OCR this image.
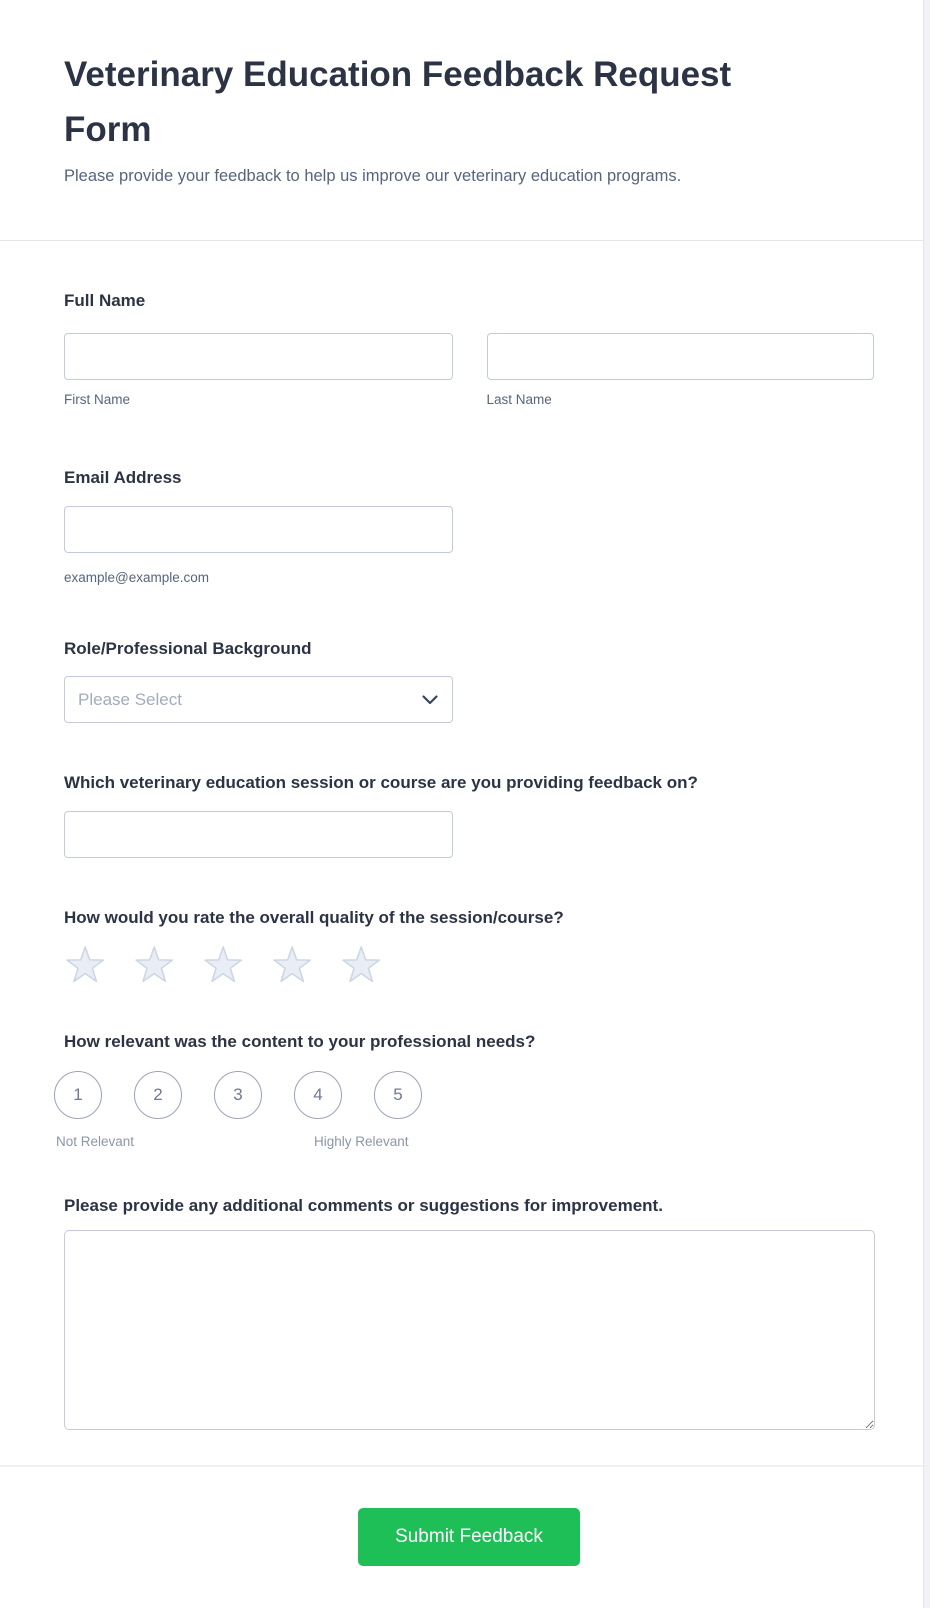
Veterinary Education Feedback Request
Form

Please provide your feedback to help us improve our veterinary education programs.

Full Name
First Name	Last Name
Email Address
example@example.com
Role/Professional Background
Please Select
Which veterinary education session or course are you providing feedback on?
How would you rate the overall quality of the session/course?
How relevant was the content to your professional needs?
1	2	3	4	5
Not Relevant	Highly Relevant
Please provide any additional comments or suggestions for improvement.
Submit Feedback
